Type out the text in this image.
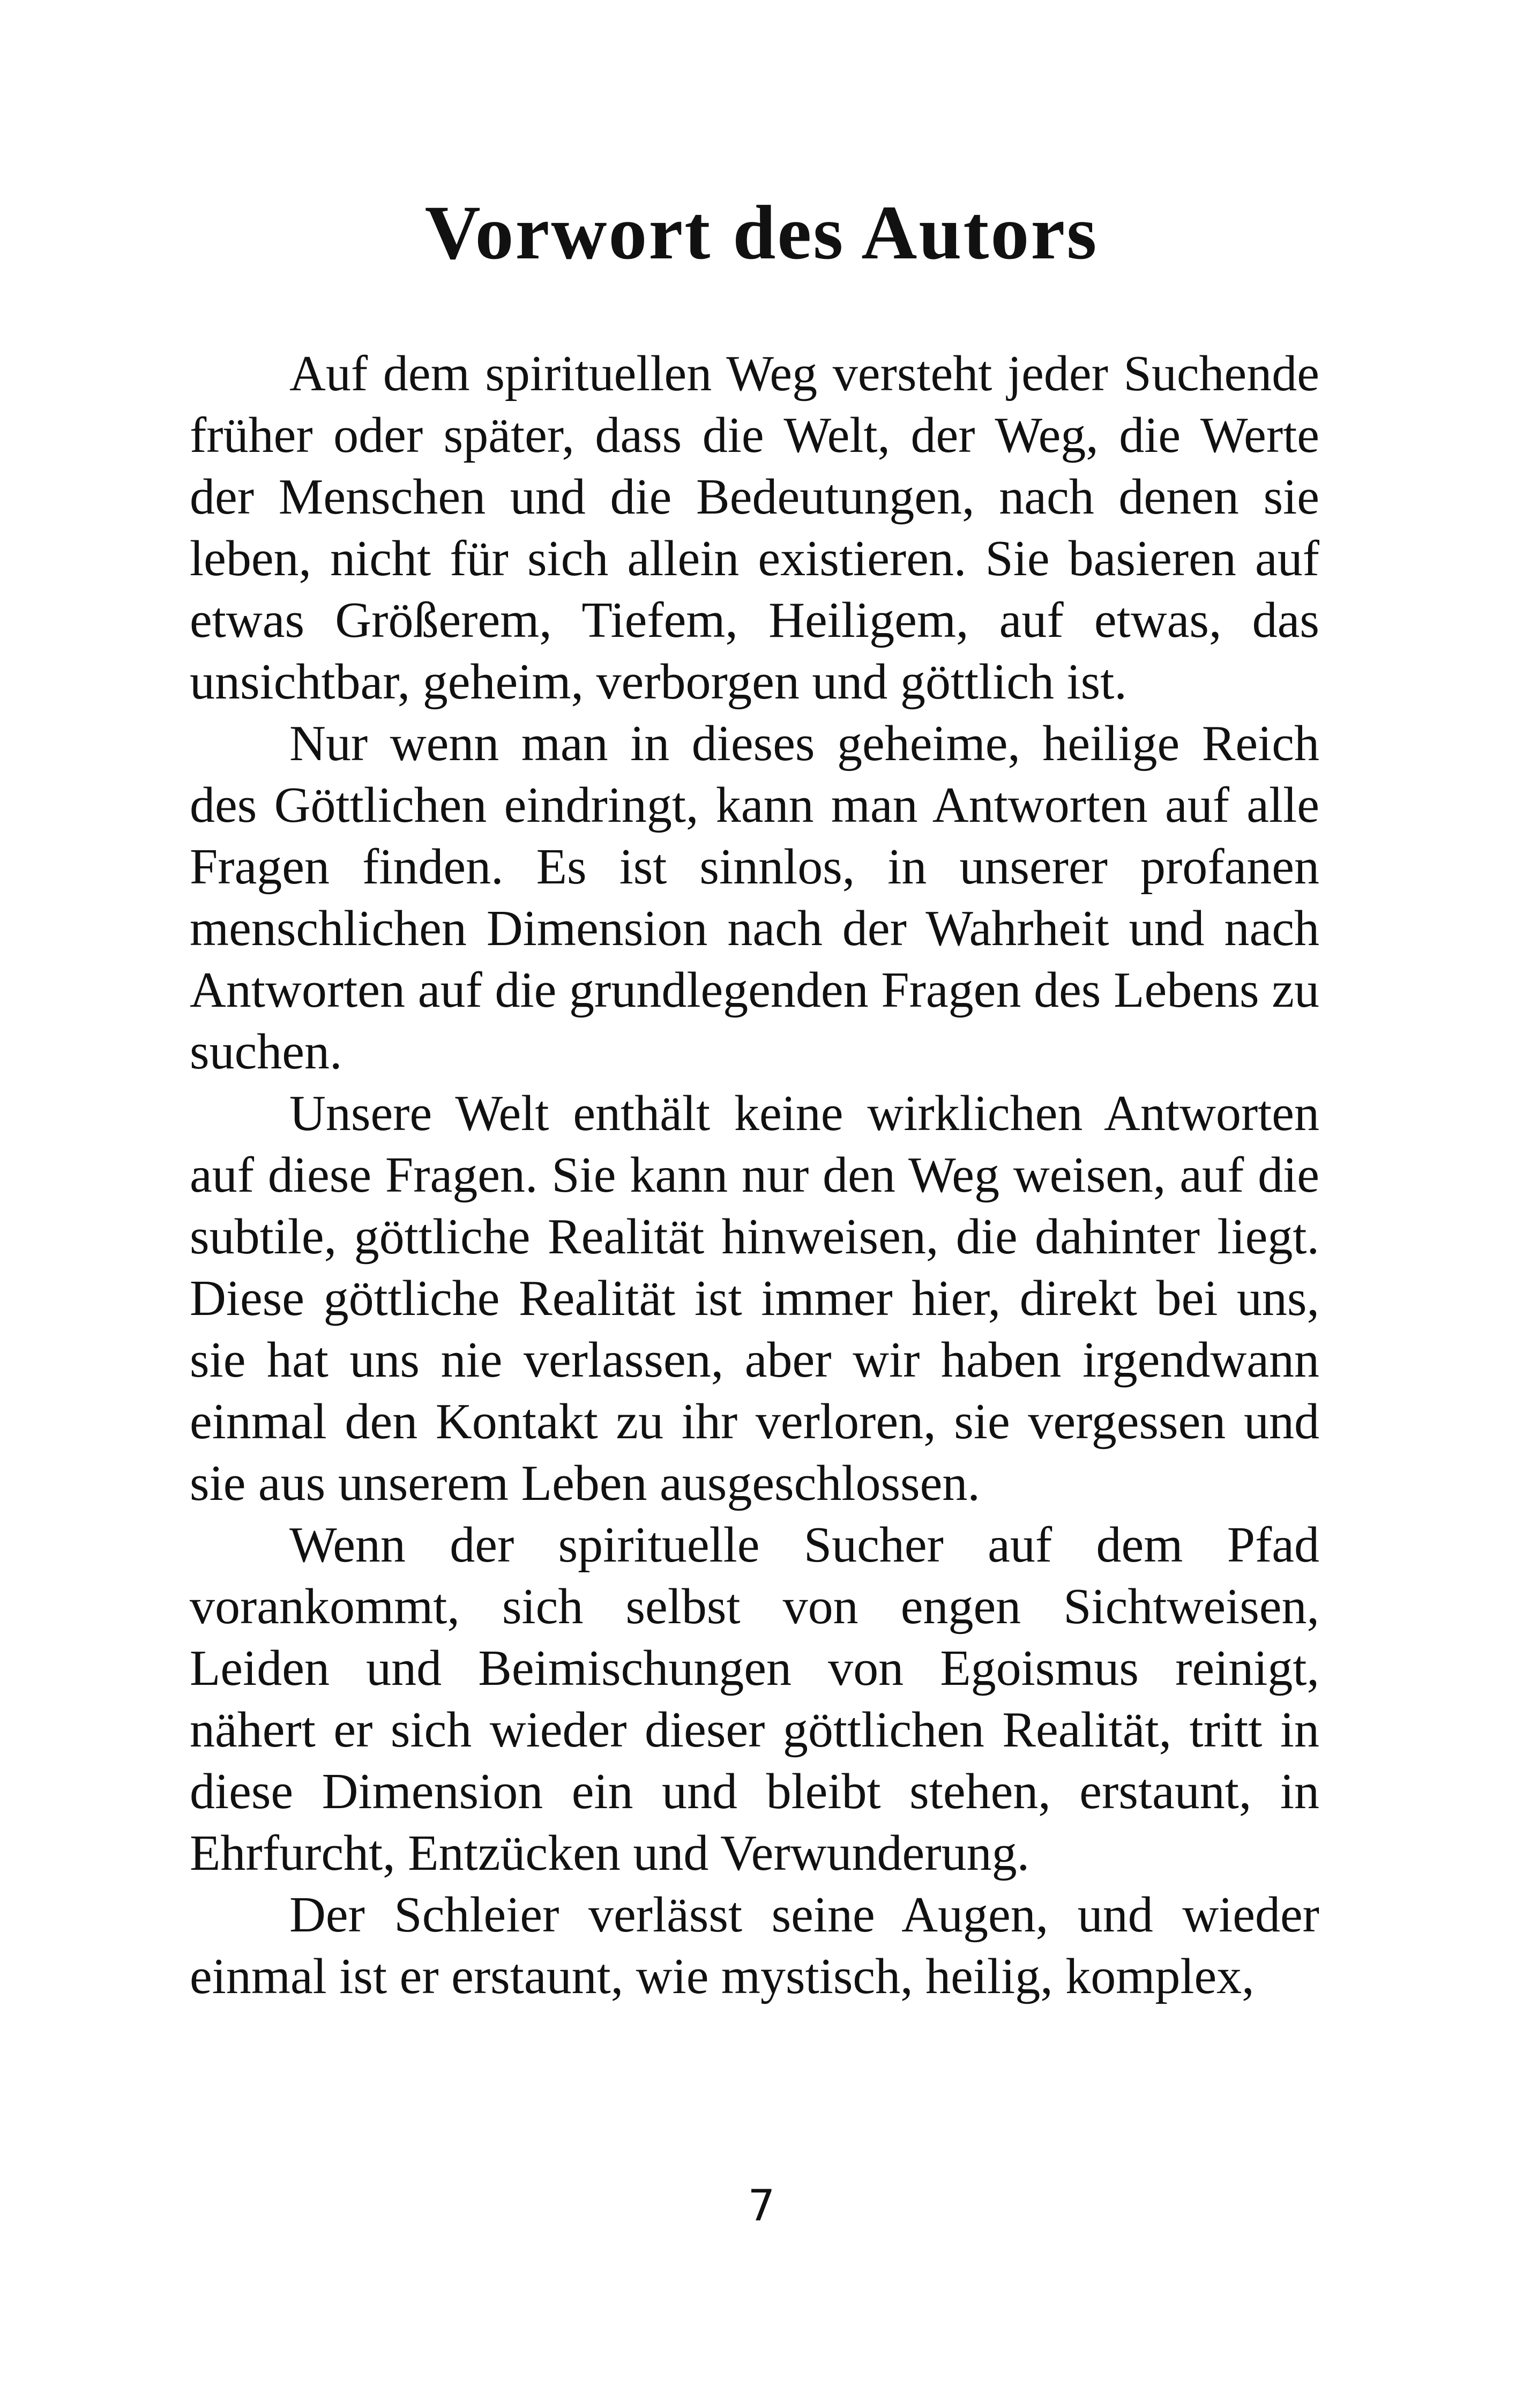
Vorwort des Autors

Auf dem spirituellen Weg versteht jeder Suchende früher oder später, dass die Welt, der Weg, die Werte der Menschen und die Bedeutungen, nach denen sie leben, nicht für sich allein existieren. Sie basieren auf etwas Größerem, Tiefem, Heiligem, auf etwas, das unsichtbar, geheim, verborgen und göttlich ist.

Nur wenn man in dieses geheime, heilige Reich des Göttlichen eindringt, kann man Antworten auf alle Fragen finden. Es ist sinnlos, in unserer profanen menschlichen Dimension nach der Wahrheit und nach Antworten auf die grundlegenden Fragen des Lebens zu suchen.

Unsere Welt enthält keine wirklichen Antworten auf diese Fragen. Sie kann nur den Weg weisen, auf die subtile, göttliche Realität hinweisen, die dahinter liegt. Diese göttliche Realität ist immer hier, direkt bei uns, sie hat uns nie verlassen, aber wir haben irgendwann einmal den Kontakt zu ihr verloren, sie vergessen und sie aus unserem Leben ausgeschlossen.

Wenn der spirituelle Sucher auf dem Pfad vorankommt, sich selbst von engen Sichtweisen, Leiden und Beimischungen von Egoismus reinigt, nähert er sich wieder dieser göttlichen Realität, tritt in diese Dimension ein und bleibt stehen, erstaunt, in Ehrfurcht, Entzücken und Verwunderung.

Der Schleier verlässt seine Augen, und wieder einmal ist er erstaunt, wie mystisch, heilig, komplex,

7
